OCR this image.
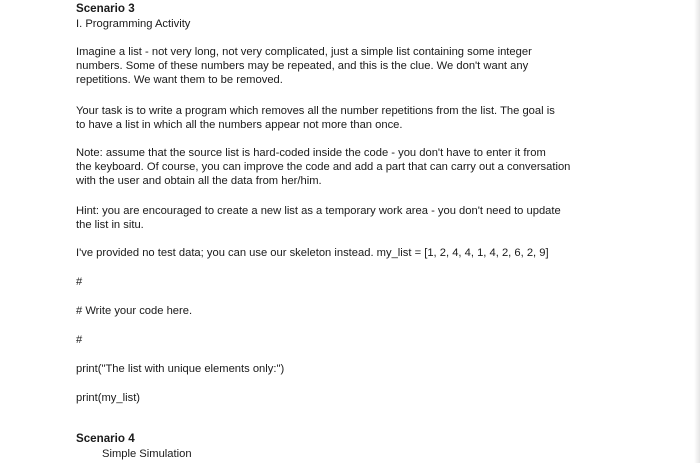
Scenario 3
I. Programming Activity
Imagine a list - not very long, not very complicated, just a simple list containing some integer
numbers. Some of these numbers may be repeated, and this is the clue. We don't want any
repetitions. We want them to be removed.
Your task is to write a program which removes all the number repetitions from the list. The goal is
to have a list in which all the numbers appear not more than once.
Note: assume that the source list is hard-coded inside the code - you don't have to enter it from
the keyboard. Of course, you can improve the code and add a part that can carry out a conversation
with the user and obtain all the data from her/him.
Hint: you are encouraged to create a new list as a temporary work area - you don't need to update
the list in situ.
I've provided no test data; you can use our skeleton instead. my_list = [1, 2, 4, 4, 1, 4, 2, 6, 2, 9]
#
# Write your code here.
#
print("The list with unique elements only:")
print(my_list)
Scenario 4
Simple Simulation
